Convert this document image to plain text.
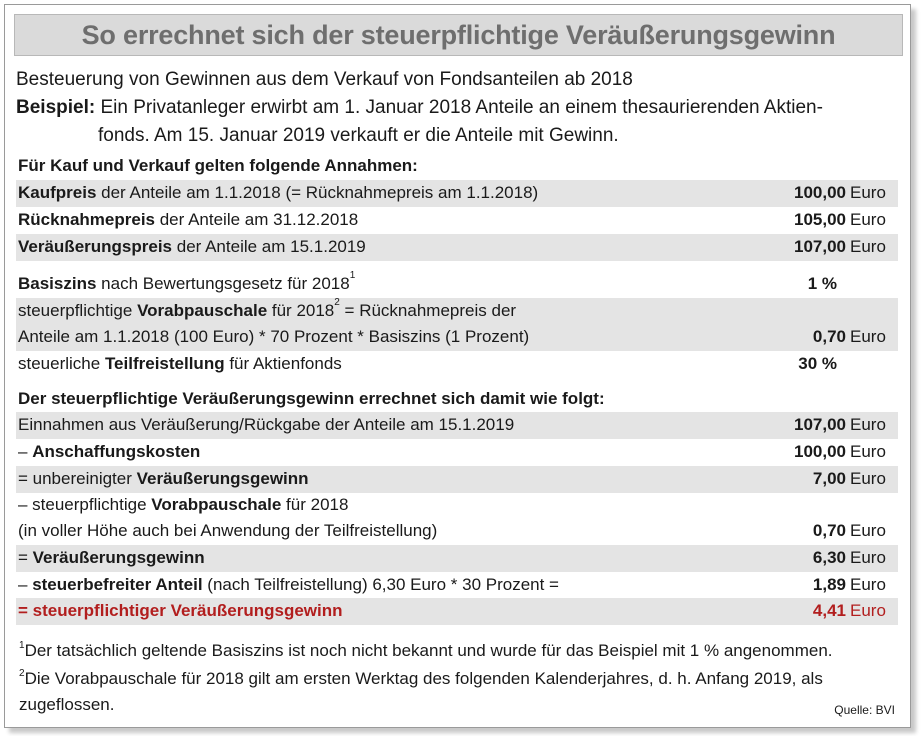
So errechnet sich der steuerpflichtige Veräußerungsgewinn
Besteuerung von Gewinnen aus dem Verkauf von Fondsanteilen ab 2018
Beispiel: Ein Privatanleger erwirbt am 1. Januar 2018 Anteile an einem thesaurierenden Aktien-
fonds. Am 15. Januar 2019 verkauft er die Anteile mit Gewinn.
Für Kauf und Verkauf gelten folgende Annahmen:
Kaufpreis der Anteile am 1.1.2018 (= Rücknahmepreis am 1.1.2018)	100,00 Euro
Rücknahmepreis der Anteile am 31.12.2018	105,00 Euro
Veräußerungspreis der Anteile am 15.1.2019	107,00 Euro
Basiszins nach Bewertungsgesetz für 2018$^1$	1 %
steuerpflichtige Vorabpauschale für $2018^2$ = Rücknahmepreis der
Anteile am 1.1.2018 (100 Euro) * 70 Prozent * Basiszins (1 Prozent)	0,70 Euro
steuerliche Teilfreistellung für Aktienfonds	30 %
Der steuerpflichtige Veräußerungsgewinn errechnet sich damit wie folgt:
Einnahmen aus Veräußerung/Rückgabe der Anteile am 15.1.2019	107,00 Euro
– Anschaffungskosten	100,00 Euro
= unbereinigter Veräußerungsgewinn	7,00 Euro
– steuerpflichtige Vorabpauschale für 2018
(in voller Höhe auch bei Anwendung der Teilfreistellung)	0,70 Euro
= Veräußerungsgewinn	6,30 Euro
– steuerbefreiter Anteil (nach Teilfreistellung) 6,30 Euro * 30 Prozent =	1,89 Euro
= steuerpflichtiger Veräußerungsgewinn	4,41 Euro
$^1$Der tatsächlich geltende Basiszins ist noch nicht bekannt und wurde für das Beispiel mit 1 % angenommen.
$^2$Die Vorabpauschale für 2018 gilt am ersten Werktag des folgenden Kalenderjahres, d. h. Anfang 2019, als
zugeflossen.	Quelle: BVI
